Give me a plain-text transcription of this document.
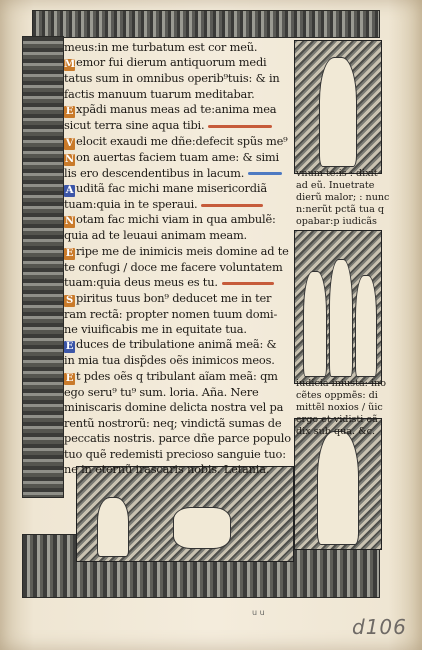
meus:in me turbatum est cor meũ.
Memor fui dierum antiquorum medi
tatus sum in omnibus operib⁹tuis: & in
factis manuum tuarum meditabar.
E xpãdi manus meas ad te:anima mea
sicut terra sine aqua tibi.
V elocit exaudi me dñe:defecit spũs me⁹
N on auertas faciem tuam ame: & simi
lis ero descendentibus in lacum.
A uditã fac michi mane misericordiã
tuam:quia in te speraui.
N otam fac michi viam in qua ambulẽ:
quia ad te leuaui animam meam.
E ripe me de inimicis meis domine ad te
te confugi / doce me facere voluntatem
tuam:quia deus meus es tu.
S piritus tuus bon⁹ deducet me in ter
ram rectã: propter nomen tuum domi-
ne viuificabis me in equitate tua.
E duces de tribulatione animã meã: &
in mia tua disp̃des oẽs inimicos meos.
E t pdes oẽs q tribulant aĩam meã: qm
ego seru⁹ tu⁹ sum. loria. Aña. Nere
miniscaris domine delicta nostra vel pa
rentũ nostrorũ: neq; vindictã sumas de
peccatis nostris. parce dñe parce populo
tuo quẽ redemisti precioso sanguie tuo:
ne in eternũ irascaris nobis. Letania.
vnum te:is : dixit
ad eũ. Inuetrate
dierũ malor; : nunc
n:nerũt pctã tua q
opabar:p iudicãs
iudicia iniusta: ino
cẽtes oppmẽs: di
mittẽl noxios / ũic
ergo et vidisti eã
dix sub qua. &c.
u u
d106
